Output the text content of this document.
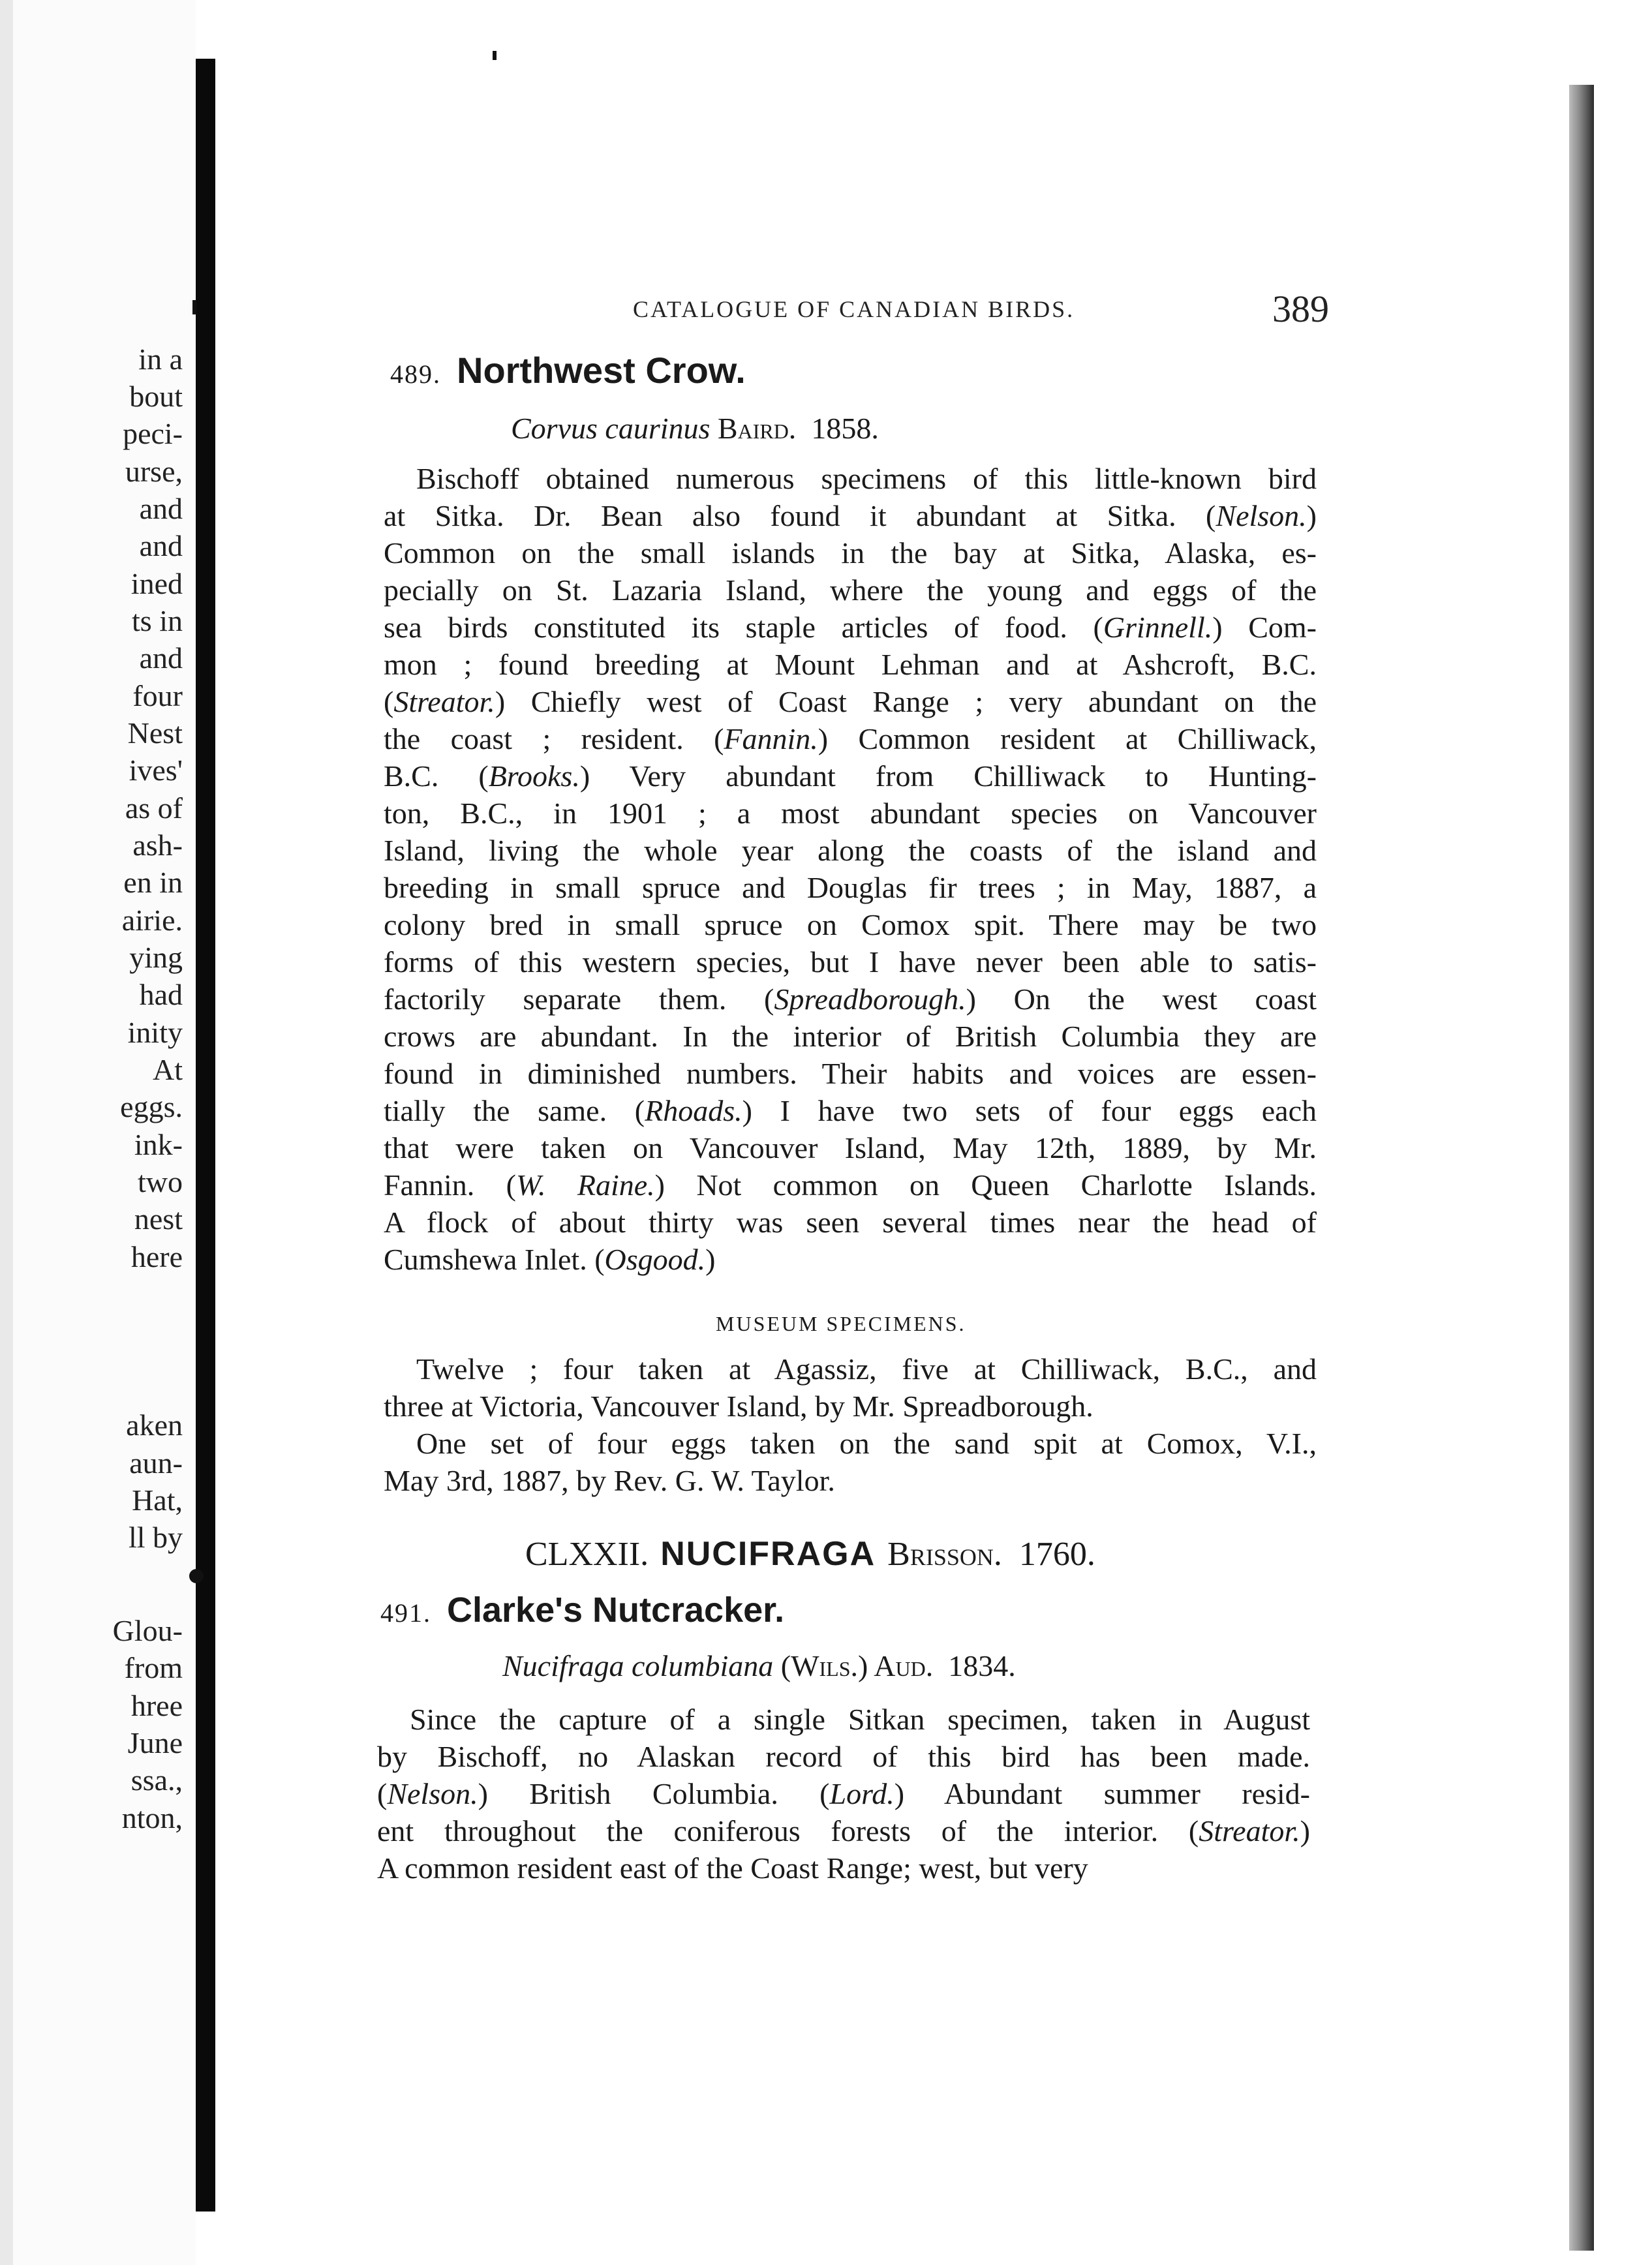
in a
bout
peci-
urse,
and
and
ined
ts in
and
four
Nest
ives'
as of
ash-
en in
airie.
ying
had
inity
At
eggs.
ink-
two
nest
here
aken
aun-
Hat,
ll by
Glou-
from
hree
June
ssa.,
nton,
CATALOGUE OF CANADIAN BIRDS.	389
489. Northwest Crow.
Corvus caurinus Baird. 1858.
Bischoff obtained numerous specimens of this little-known bird
at Sitka. Dr. Bean also found it abundant at Sitka. (Nelson.)
Common on the small islands in the bay at Sitka, Alaska, es-
pecially on St. Lazaria Island, where the young and eggs of the
sea birds constituted its staple articles of food. (Grinnell.) Com-
mon ; found breeding at Mount Lehman and at Ashcroft, B.C.
(Streator.) Chiefly west of Coast Range ; very abundant on the
the coast ; resident. (Fannin.) Common resident at Chilliwack,
B.C. (Brooks.) Very abundant from Chilliwack to Hunting-
ton, B.C., in 1901 ; a most abundant species on Vancouver
Island, living the whole year along the coasts of the island and
breeding in small spruce and Douglas fir trees ; in May, 1887, a
colony bred in small spruce on Comox spit. There may be two
forms of this western species, but I have never been able to satis-
factorily separate them. (Spreadborough.) On the west coast
crows are abundant. In the interior of British Columbia they are
found in diminished numbers. Their habits and voices are essen-
tially the same. (Rhoads.) I have two sets of four eggs each
that were taken on Vancouver Island, May 12th, 1889, by Mr.
Fannin. (W. Raine.) Not common on Queen Charlotte Islands.
A flock of about thirty was seen several times near the head of
Cumshewa Inlet. (Osgood.)
MUSEUM SPECIMENS.
Twelve ; four taken at Agassiz, five at Chilliwack, B.C., and
three at Victoria, Vancouver Island, by Mr. Spreadborough.
One set of four eggs taken on the sand spit at Comox, V.I.,
May 3rd, 1887, by Rev. G. W. Taylor.
CLXXII. NUCIFRAGA Brisson. 1760.
491. Clarke's Nutcracker.
Nucifraga columbiana (Wils.) Aud. 1834.
Since the capture of a single Sitkan specimen, taken in August
by Bischoff, no Alaskan record of this bird has been made.
(Nelson.) British Columbia. (Lord.) Abundant summer resid-
ent throughout the coniferous forests of the interior. (Streator.)
A common resident east of the Coast Range; west, but very
